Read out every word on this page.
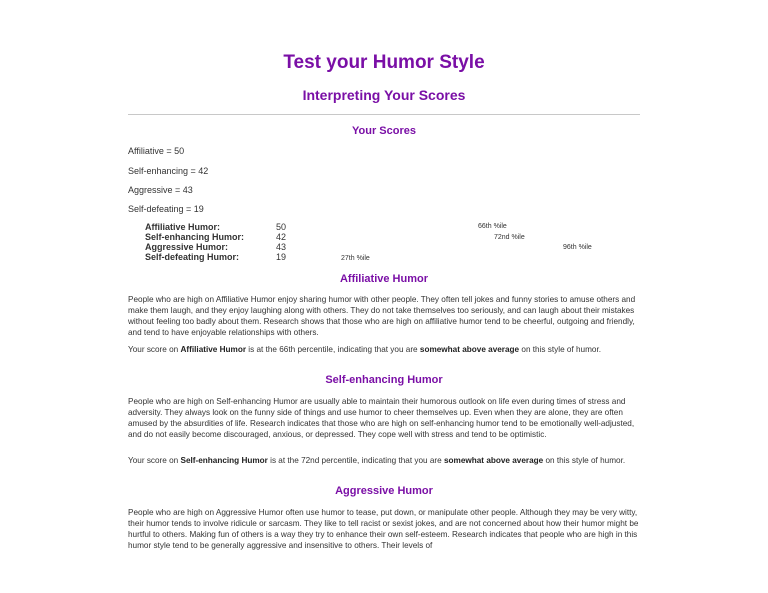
Test your Humor Style
Interpreting Your Scores
Your Scores
Affiliative = 50
Self-enhancing = 42
Aggressive = 43
Self-defeating = 19
Affiliative Humor:	50	66th %ile
Self-enhancing Humor:	42	72nd %ile
Aggressive Humor:	43	96th %ile
Self-defeating Humor:	19	27th %ile
Affiliative Humor

People who are high on Affiliative Humor enjoy sharing humor with other people. They often tell jokes and funny stories to amuse others and make them laugh, and they enjoy laughing along with others. They do not take themselves too seriously, and can laugh about their mistakes without feeling too badly about them. Research shows that those who are high on affiliative humor tend to be cheerful, outgoing and friendly, and tend to have enjoyable relationships with others.

Your score on Affiliative Humor is at the 66th percentile, indicating that you are somewhat above average on this style of humor.

Self-enhancing Humor

People who are high on Self-enhancing Humor are usually able to maintain their humorous outlook on life even during times of stress and adversity. They always look on the funny side of things and use humor to cheer themselves up. Even when they are alone, they are often amused by the absurdities of life. Research indicates that those who are high on self-enhancing humor tend to be emotionally well-adjusted, and do not easily become discouraged, anxious, or depressed. They cope well with stress and tend to be optimistic.

Your score on Self-enhancing Humor is at the 72nd percentile, indicating that you are somewhat above average on this style of humor.

Aggressive Humor

People who are high on Aggressive Humor often use humor to tease, put down, or manipulate other people. Although they may be very witty, their humor tends to involve ridicule or sarcasm. They like to tell racist or sexist jokes, and are not concerned about how their humor might be hurtful to others. Making fun of others is a way they try to enhance their own self-esteem. Research indicates that people who are high in this humor style tend to be generally aggressive and insensitive to others. Their levels of
